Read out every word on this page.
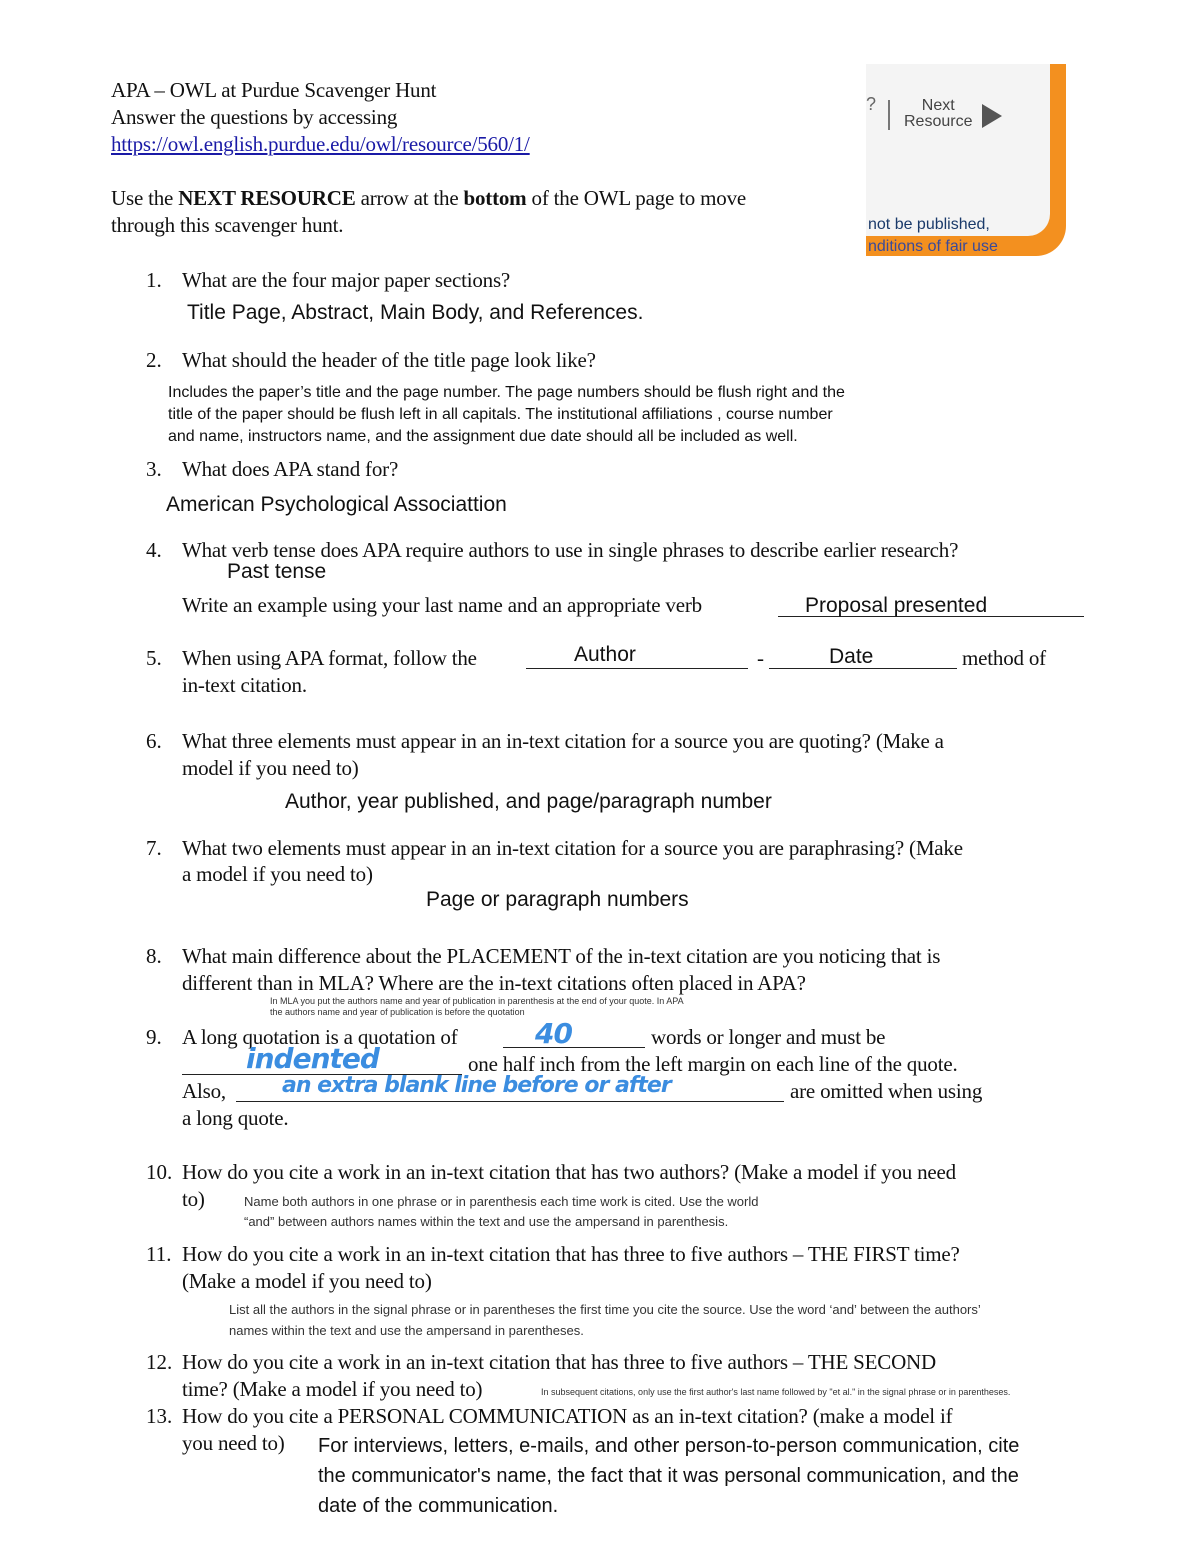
APA – OWL at Purdue Scavenger Hunt
Answer the questions by accessing
https://owl.english.purdue.edu/owl/resource/560/1/
Use the NEXT RESOURCE arrow at the bottom of the OWL page to move
through this scavenger hunt.
?	Next
Resource
not be published,
nditions of fair use
1. What are the four major paper sections?
Title Page, Abstract, Main Body, and References.
2. What should the header of the title page look like?
Includes the paper’s title and the page number. The page numbers should be flush right and the
title of the paper should be flush left in all capitals. The institutional affiliations , course number
and name, instructors name, and the assignment due date should all be included as well.
3. What does APA stand for?
American Psychological Associattion
4. What verb tense does APA require authors to use in single phrases to describe earlier research?
Past tense
Write an example using your last name and an appropriate verb	Proposal presented
5. When using APA format, follow the	Author	-	Date	method of
in-text citation.
6. What three elements must appear in an in-text citation for a source you are quoting? (Make a
model if you need to)
Author, year published, and page/paragraph number
7. What two elements must appear in an in-text citation for a source you are paraphrasing? (Make
a model if you need to)
Page or paragraph numbers
8. What main difference about the PLACEMENT of the in-text citation are you noticing that is
different than in MLA? Where are the in-text citations often placed in APA?
In MLA you put the authors name and year of publication in parenthesis at the end of your quote. In APA
the authors name and year of publication is before the quotation
9. A long quotation is a quotation of	40	words or longer and must be
indented	one half inch from the left margin on each line of the quote.
Also,	an extra blank line before or after	are omitted when using
a long quote.
10. How do you cite a work in an in-text citation that has two authors? (Make a model if you need
to)	Name both authors in one phrase or in parenthesis each time work is cited. Use the world
“and” between authors names within the text and use the ampersand in parenthesis.
11. How do you cite a work in an in-text citation that has three to five authors – THE FIRST time?
(Make a model if you need to)
List all the authors in the signal phrase or in parentheses the first time you cite the source. Use the word ‘and’ between the authors’
names within the text and use the ampersand in parentheses.
12. How do you cite a work in an in-text citation that has three to five authors – THE SECOND
time? (Make a model if you need to)	In subsequent citations, only use the first author's last name followed by "et al." in the signal phrase or in parentheses.
13. How do you cite a PERSONAL COMMUNICATION as an in-text citation? (make a model if
you need to) For interviews, letters, e-mails, and other person-to-person communication, cite
the communicator's name, the fact that it was personal communication, and the
date of the communication.
